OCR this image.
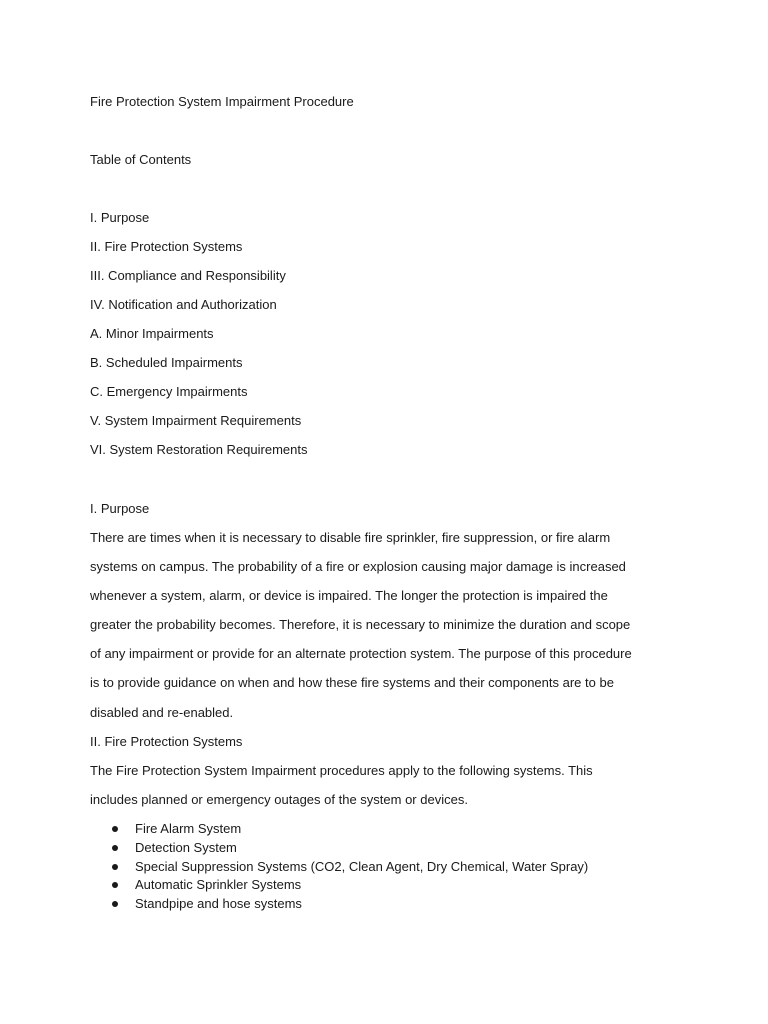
Fire Protection System Impairment Procedure
Table of Contents
I. Purpose
II. Fire Protection Systems
III. Compliance and Responsibility
IV. Notification and Authorization
A. Minor Impairments
B. Scheduled Impairments
C. Emergency Impairments
V. System Impairment Requirements
VI. System Restoration Requirements
I. Purpose
There are times when it is necessary to disable fire sprinkler, fire suppression, or fire alarm
systems on campus. The probability of a fire or explosion causing major damage is increased
whenever a system, alarm, or device is impaired. The longer the protection is impaired the
greater the probability becomes. Therefore, it is necessary to minimize the duration and scope
of any impairment or provide for an alternate protection system. The purpose of this procedure
is to provide guidance on when and how these fire systems and their components are to be
disabled and re-enabled.
II. Fire Protection Systems
The Fire Protection System Impairment procedures apply to the following systems. This
includes planned or emergency outages of the system or devices.
Fire Alarm System
Detection System
Special Suppression Systems (CO2, Clean Agent, Dry Chemical, Water Spray)
Automatic Sprinkler Systems
Standpipe and hose systems
